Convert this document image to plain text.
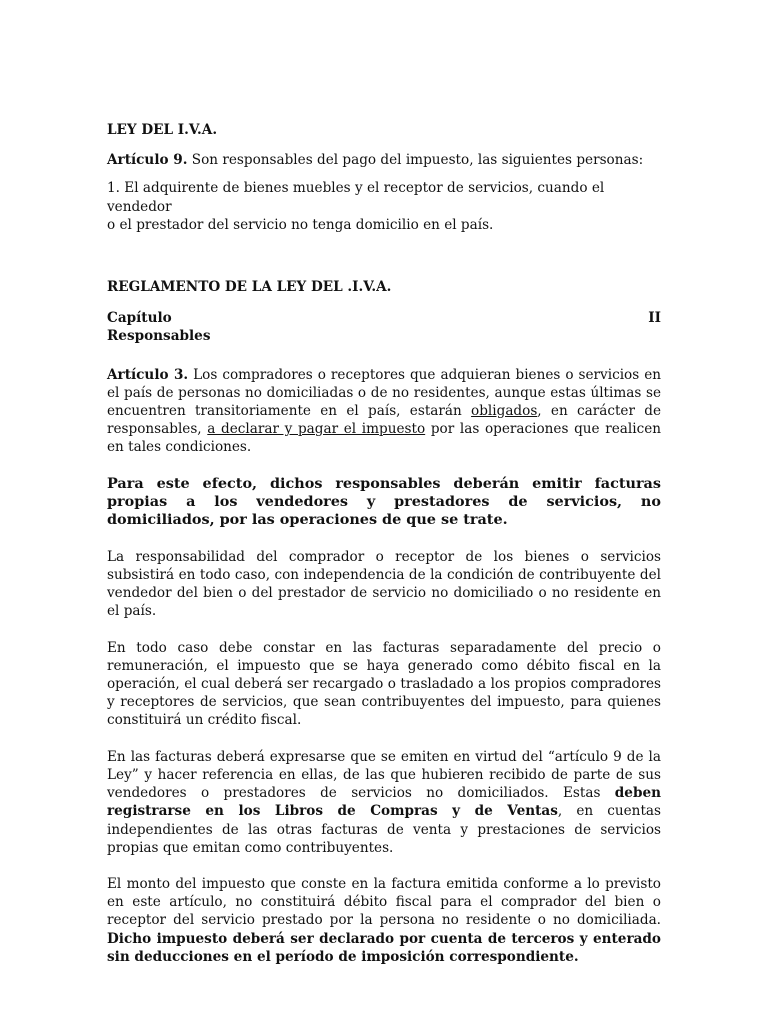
LEY DEL I.V.A.

Artículo 9. Son responsables del pago del impuesto, las siguientes personas:

1. El adquirente de bienes muebles y el receptor de servicios, cuando el vendedor

o el prestador del servicio no tenga domicilio en el país.

REGLAMENTO DE LA LEY DEL .I.V.A.

Capítulo	II

Responsables

Artículo 3. Los compradores o receptores que adquieran bienes o servicios en el país de personas no domiciliadas o de no residentes, aunque estas últimas se encuentren transitoriamente en el país, estarán obligados, en carácter de responsables, a declarar y pagar el impuesto por las operaciones que realicen en tales condiciones.

Para este efecto, dichos responsables deberán emitir facturas propias a los vendedores y prestadores de servicios, no domiciliados, por las operaciones de que se trate.

La responsabilidad del comprador o receptor de los bienes o servicios subsistirá en todo caso, con independencia de la condición de contribuyente del vendedor del bien o del prestador de servicio no domiciliado o no residente en el país.

En todo caso debe constar en las facturas separadamente del precio o remuneración, el impuesto que se haya generado como débito fiscal en la operación, el cual deberá ser recargado o trasladado a los propios compradores y receptores de servicios, que sean contribuyentes del impuesto, para quienes constituirá un crédito fiscal.

En las facturas deberá expresarse que se emiten en virtud del “artículo 9 de la Ley” y hacer referencia en ellas, de las que hubieren recibido de parte de sus vendedores o prestadores de servicios no domiciliados. Estas deben registrarse en los Libros de Compras y de Ventas, en cuentas independientes de las otras facturas de venta y prestaciones de servicios propias que emitan como contribuyentes.

El monto del impuesto que conste en la factura emitida conforme a lo previsto en este artículo, no constituirá débito fiscal para el comprador del bien o receptor del servicio prestado por la persona no residente o no domiciliada. Dicho impuesto deberá ser declarado por cuenta de terceros y enterado sin deducciones en el período de imposición correspondiente.
